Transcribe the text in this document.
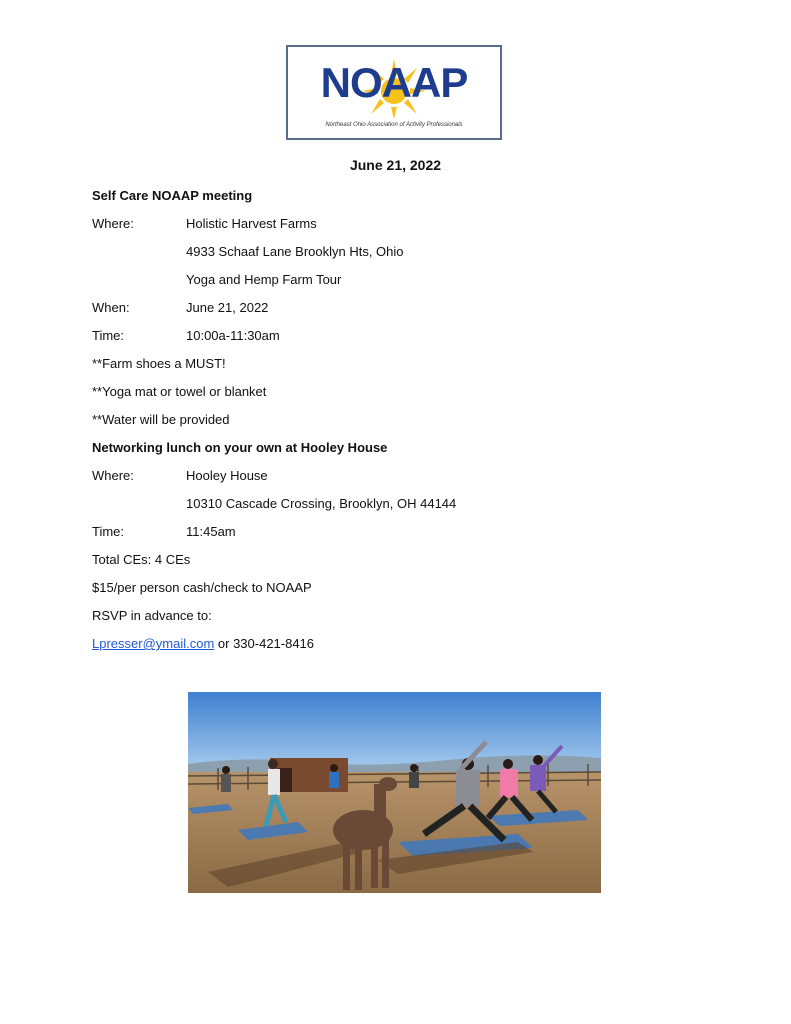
NOAAP
Northeast Ohio Association of Activity Professionals
June 21, 2022
Self Care NOAAP meeting
Where:	Holistic Harvest Farms
4933 Schaaf Lane Brooklyn Hts, Ohio
Yoga and Hemp Farm Tour
When:	June 21, 2022
Time:	10:00a-11:30am
**Farm shoes a MUST!
**Yoga mat or towel or blanket
**Water will be provided
Networking lunch on your own at Hooley House
Where:	Hooley House
10310 Cascade Crossing, Brooklyn, OH 44144
Time:	11:45am
Total CEs: 4 CEs
$15/per person cash/check to NOAAP
RSVP in advance to:
Lpresser@ymail.com or 330-421-8416
